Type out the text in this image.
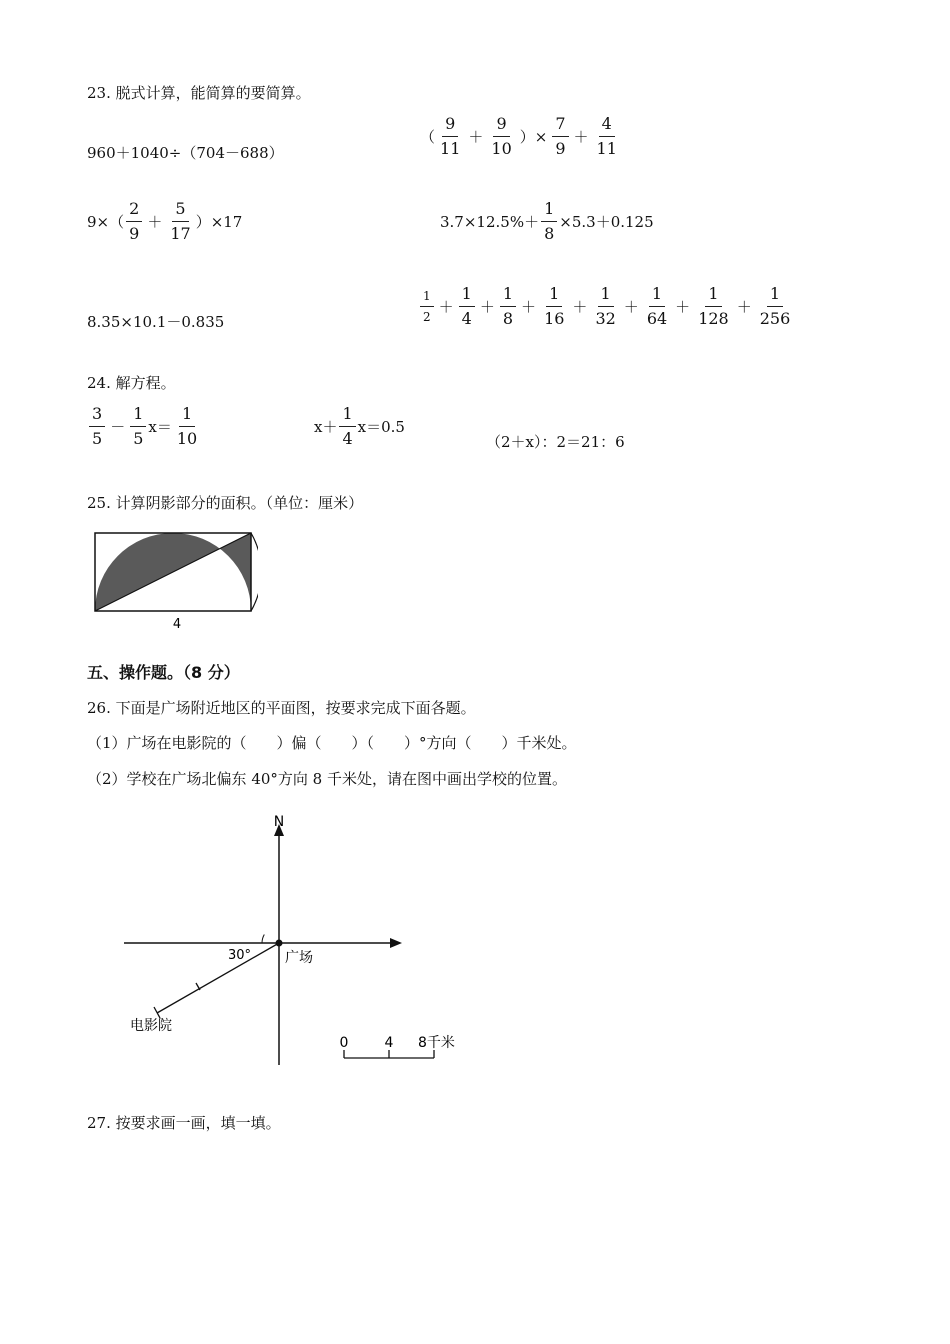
23. 脱式计算，能简算的要简算。
960＋1040÷（704－688）
（ $\frac{9}{11} + \frac{9}{10}$ ）× $\frac{7}{9} + \frac{4}{11}$
$9\times( \frac{2}{9} + \frac{5}{17} )\times 17$	$3.7\times 12.5\%+ \frac{1}{8} \times 5.3+0.125$
8.35×10.1－0.835	$\frac{1}{2} + \frac{1}{4} + \frac{1}{8} + \frac{1}{16} + \frac{1}{32} + \frac{1}{64} + \frac{1}{128} + \frac{1}{256}$
24. 解方程。
$\frac{3}{5} - \frac{1}{5} x= \frac{1}{10}$	$x+ \frac{1}{4} x=0.5$
（2＋x）：2＝21：6
25. 计算阴影部分的面积。（单位：厘米）
4
五、操作题。（8 分）
26. 下面是广场附近地区的平面图，按要求完成下面各题。
（1）广场在电影院的（　　）偏（　　）（　　）°方向（　　）千米处。
（2）学校在广场北偏东 40°方向 8 千米处，请在图中画出学校的位置。
N
30° 广场
电影院
0	4 8千米
27. 按要求画一画，填一填。
